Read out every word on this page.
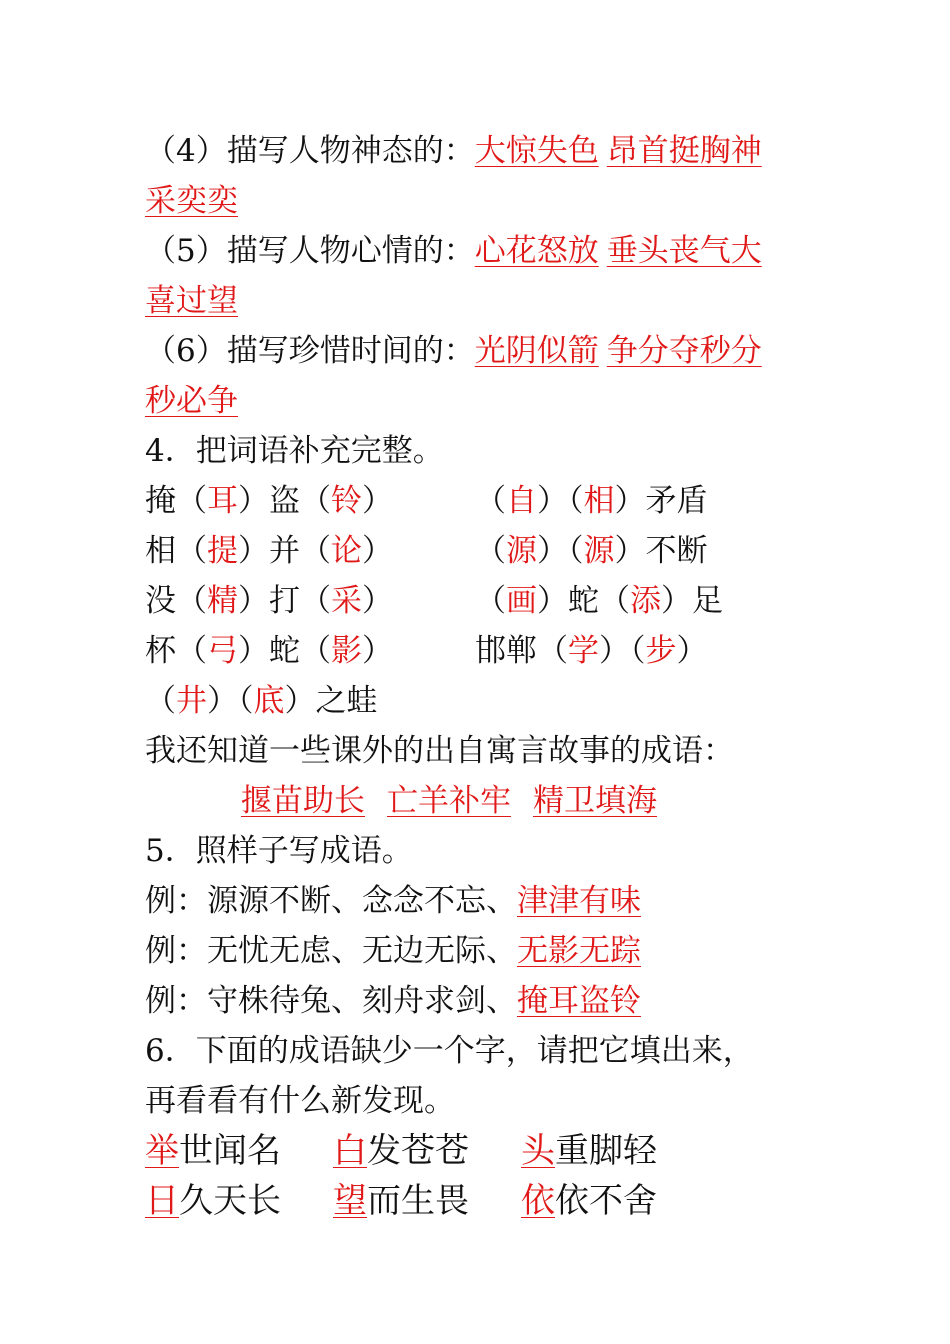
（4）描写人物神态的：大惊失色 昂首挺胸神
采奕奕
（5）描写人物心情的：心花怒放 垂头丧气大
喜过望
（6）描写珍惜时间的：光阴似箭 争分夺秒分
秒必争
4．把词语补充完整。
掩（耳）盗（铃）	（自）（相）矛盾
相（提）并（论）	（源）（源）不断
没（精）打（采）	（画）蛇（添）足
杯（弓）蛇（影）	邯郸（学）（步）
（井）（底）之蛙
我还知道一些课外的出自寓言故事的成语：
揠苗助长 亡羊补牢 精卫填海
5．照样子写成语。
例：源源不断、念念不忘、津津有味
例：无忧无虑、无边无际、无影无踪
例：守株待兔、刻舟求剑、掩耳盗铃
6．下面的成语缺少一个字，请把它填出来，
再看看有什么新发现。
举世闻名 白发苍苍 头重脚轻
日久天长 望而生畏 依依不舍
